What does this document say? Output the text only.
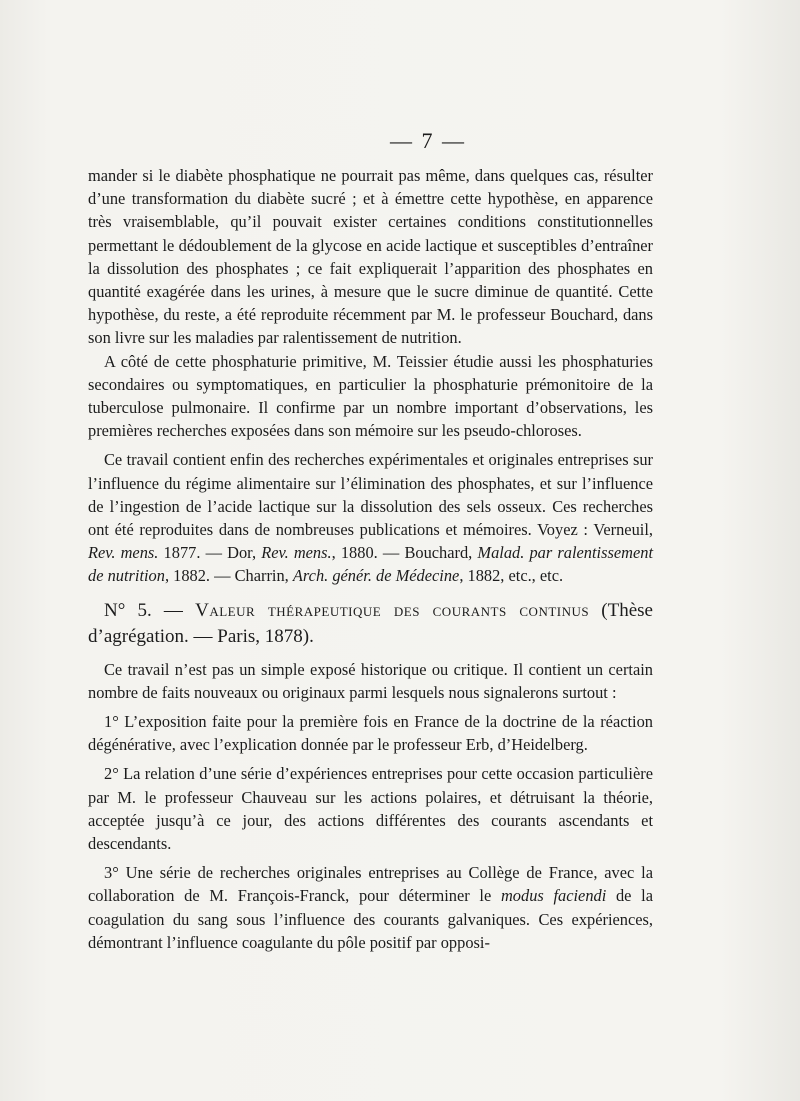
— 7 —

mander si le diabète phosphatique ne pourrait pas même, dans quelques cas, résulter d’une transformation du diabète sucré ; et à émettre cette hypothèse, en apparence très vraisemblable, qu’il pouvait exister certaines conditions constitutionnelles permettant le dédoublement de la glycose en acide lactique et susceptibles d’entraîner la dissolution des phosphates ; ce fait expliquerait l’apparition des phosphates en quantité exagérée dans les urines, à mesure que le sucre diminue de quantité. Cette hypothèse, du reste, a été reproduite récemment par M. le professeur Bouchard, dans son livre sur les maladies par ralentissement de nutrition.

A côté de cette phosphaturie primitive, M. Teissier étudie aussi les phosphaturies secondaires ou symptomatiques, en particulier la phosphaturie prémonitoire de la tuberculose pulmonaire. Il confirme par un nombre important d’observations, les premières recherches exposées dans son mémoire sur les pseudo-chloroses.

Ce travail contient enfin des recherches expérimentales et originales entreprises sur l’influence du régime alimentaire sur l’élimination des phosphates, et sur l’influence de l’ingestion de l’acide lactique sur la dissolution des sels osseux. Ces recherches ont été reproduites dans de nombreuses publications et mémoires. Voyez : Verneuil, Rev. mens. 1877. — Dor, Rev. mens., 1880. — Bouchard, Malad. par ralentissement de nutrition, 1882. — Charrin, Arch. génér. de Médecine, 1882, etc., etc.

N° 5. — Valeur thérapeutique des courants continus (Thèse d’agrégation. — Paris, 1878).

Ce travail n’est pas un simple exposé historique ou critique. Il contient un certain nombre de faits nouveaux ou originaux parmi lesquels nous signalerons surtout :

1° L’exposition faite pour la première fois en France de la doctrine de la réaction dégénérative, avec l’explication donnée par le professeur Erb, d’Heidelberg.

2° La relation d’une série d’expériences entreprises pour cette occasion particulière par M. le professeur Chauveau sur les actions polaires, et détruisant la théorie, acceptée jusqu’à ce jour, des actions différentes des courants ascendants et descendants.

3° Une série de recherches originales entreprises au Collège de France, avec la collaboration de M. François-Franck, pour déterminer le modus faciendi de la coagulation du sang sous l’influence des courants galvaniques. Ces expériences, démontrant l’influence coagulante du pôle positif par opposi-
